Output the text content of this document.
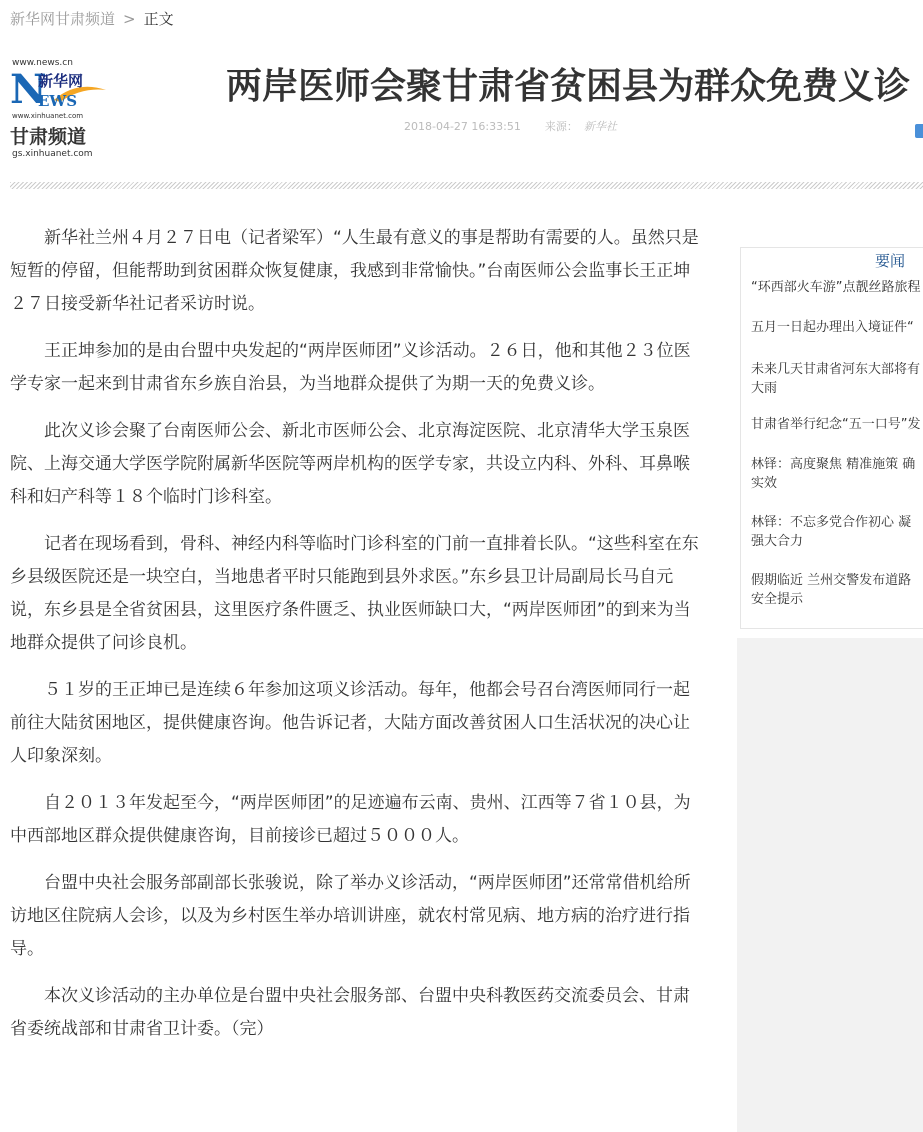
新华网甘肃频道 > 正文
www.news.cn
N
新华网
EWS
www.xinhuanet.com
甘肃频道
gs.xinhuanet.com
两岸医师会聚甘肃省贫困县为群众免费义诊
2018-04-27 16:33:51 来源： 新华社

新华社兰州４月２７日电（记者梁军）“人生最有意义的事是帮助有需要的人。虽然只是短暂的停留，但能帮助到贫困群众恢复健康，我感到非常愉快。”台南医师公会监事长王正坤２７日接受新华社记者采访时说。

王正坤参加的是由台盟中央发起的“两岸医师团”义诊活动。２６日，他和其他２３位医学专家一起来到甘肃省东乡族自治县，为当地群众提供了为期一天的免费义诊。

此次义诊会聚了台南医师公会、新北市医师公会、北京海淀医院、北京清华大学玉泉医院、上海交通大学医学院附属新华医院等两岸机构的医学专家，共设立内科、外科、耳鼻喉科和妇产科等１８个临时门诊科室。

记者在现场看到，骨科、神经内科等临时门诊科室的门前一直排着长队。“这些科室在东乡县级医院还是一块空白，当地患者平时只能跑到县外求医。”东乡县卫计局副局长马自元说，东乡县是全省贫困县，这里医疗条件匮乏、执业医师缺口大，“两岸医师团”的到来为当地群众提供了问诊良机。

５１岁的王正坤已是连续６年参加这项义诊活动。每年，他都会号召台湾医师同行一起前往大陆贫困地区，提供健康咨询。他告诉记者，大陆方面改善贫困人口生活状况的决心让人印象深刻。

自２０１３年发起至今，“两岸医师团”的足迹遍布云南、贵州、江西等７省１０县，为中西部地区群众提供健康咨询，目前接诊已超过５０００人。

台盟中央社会服务部副部长张骏说，除了举办义诊活动，“两岸医师团”还常常借机给所访地区住院病人会诊，以及为乡村医生举办培训讲座，就农村常见病、地方病的治疗进行指导。

本次义诊活动的主办单位是台盟中央社会服务部、台盟中央科教医药交流委员会、甘肃省委统战部和甘肃省卫计委。（完）

要闻
“环西部火车游”点靓丝路旅程
五月一日起办理出入境证件“
未来几天甘肃省河东大部将有
大雨
甘肃省举行纪念“五一口号”发
林铎：高度聚焦 精准施策 确
实效
林铎：不忘多党合作初心 凝
强大合力
假期临近 兰州交警发布道路
安全提示
